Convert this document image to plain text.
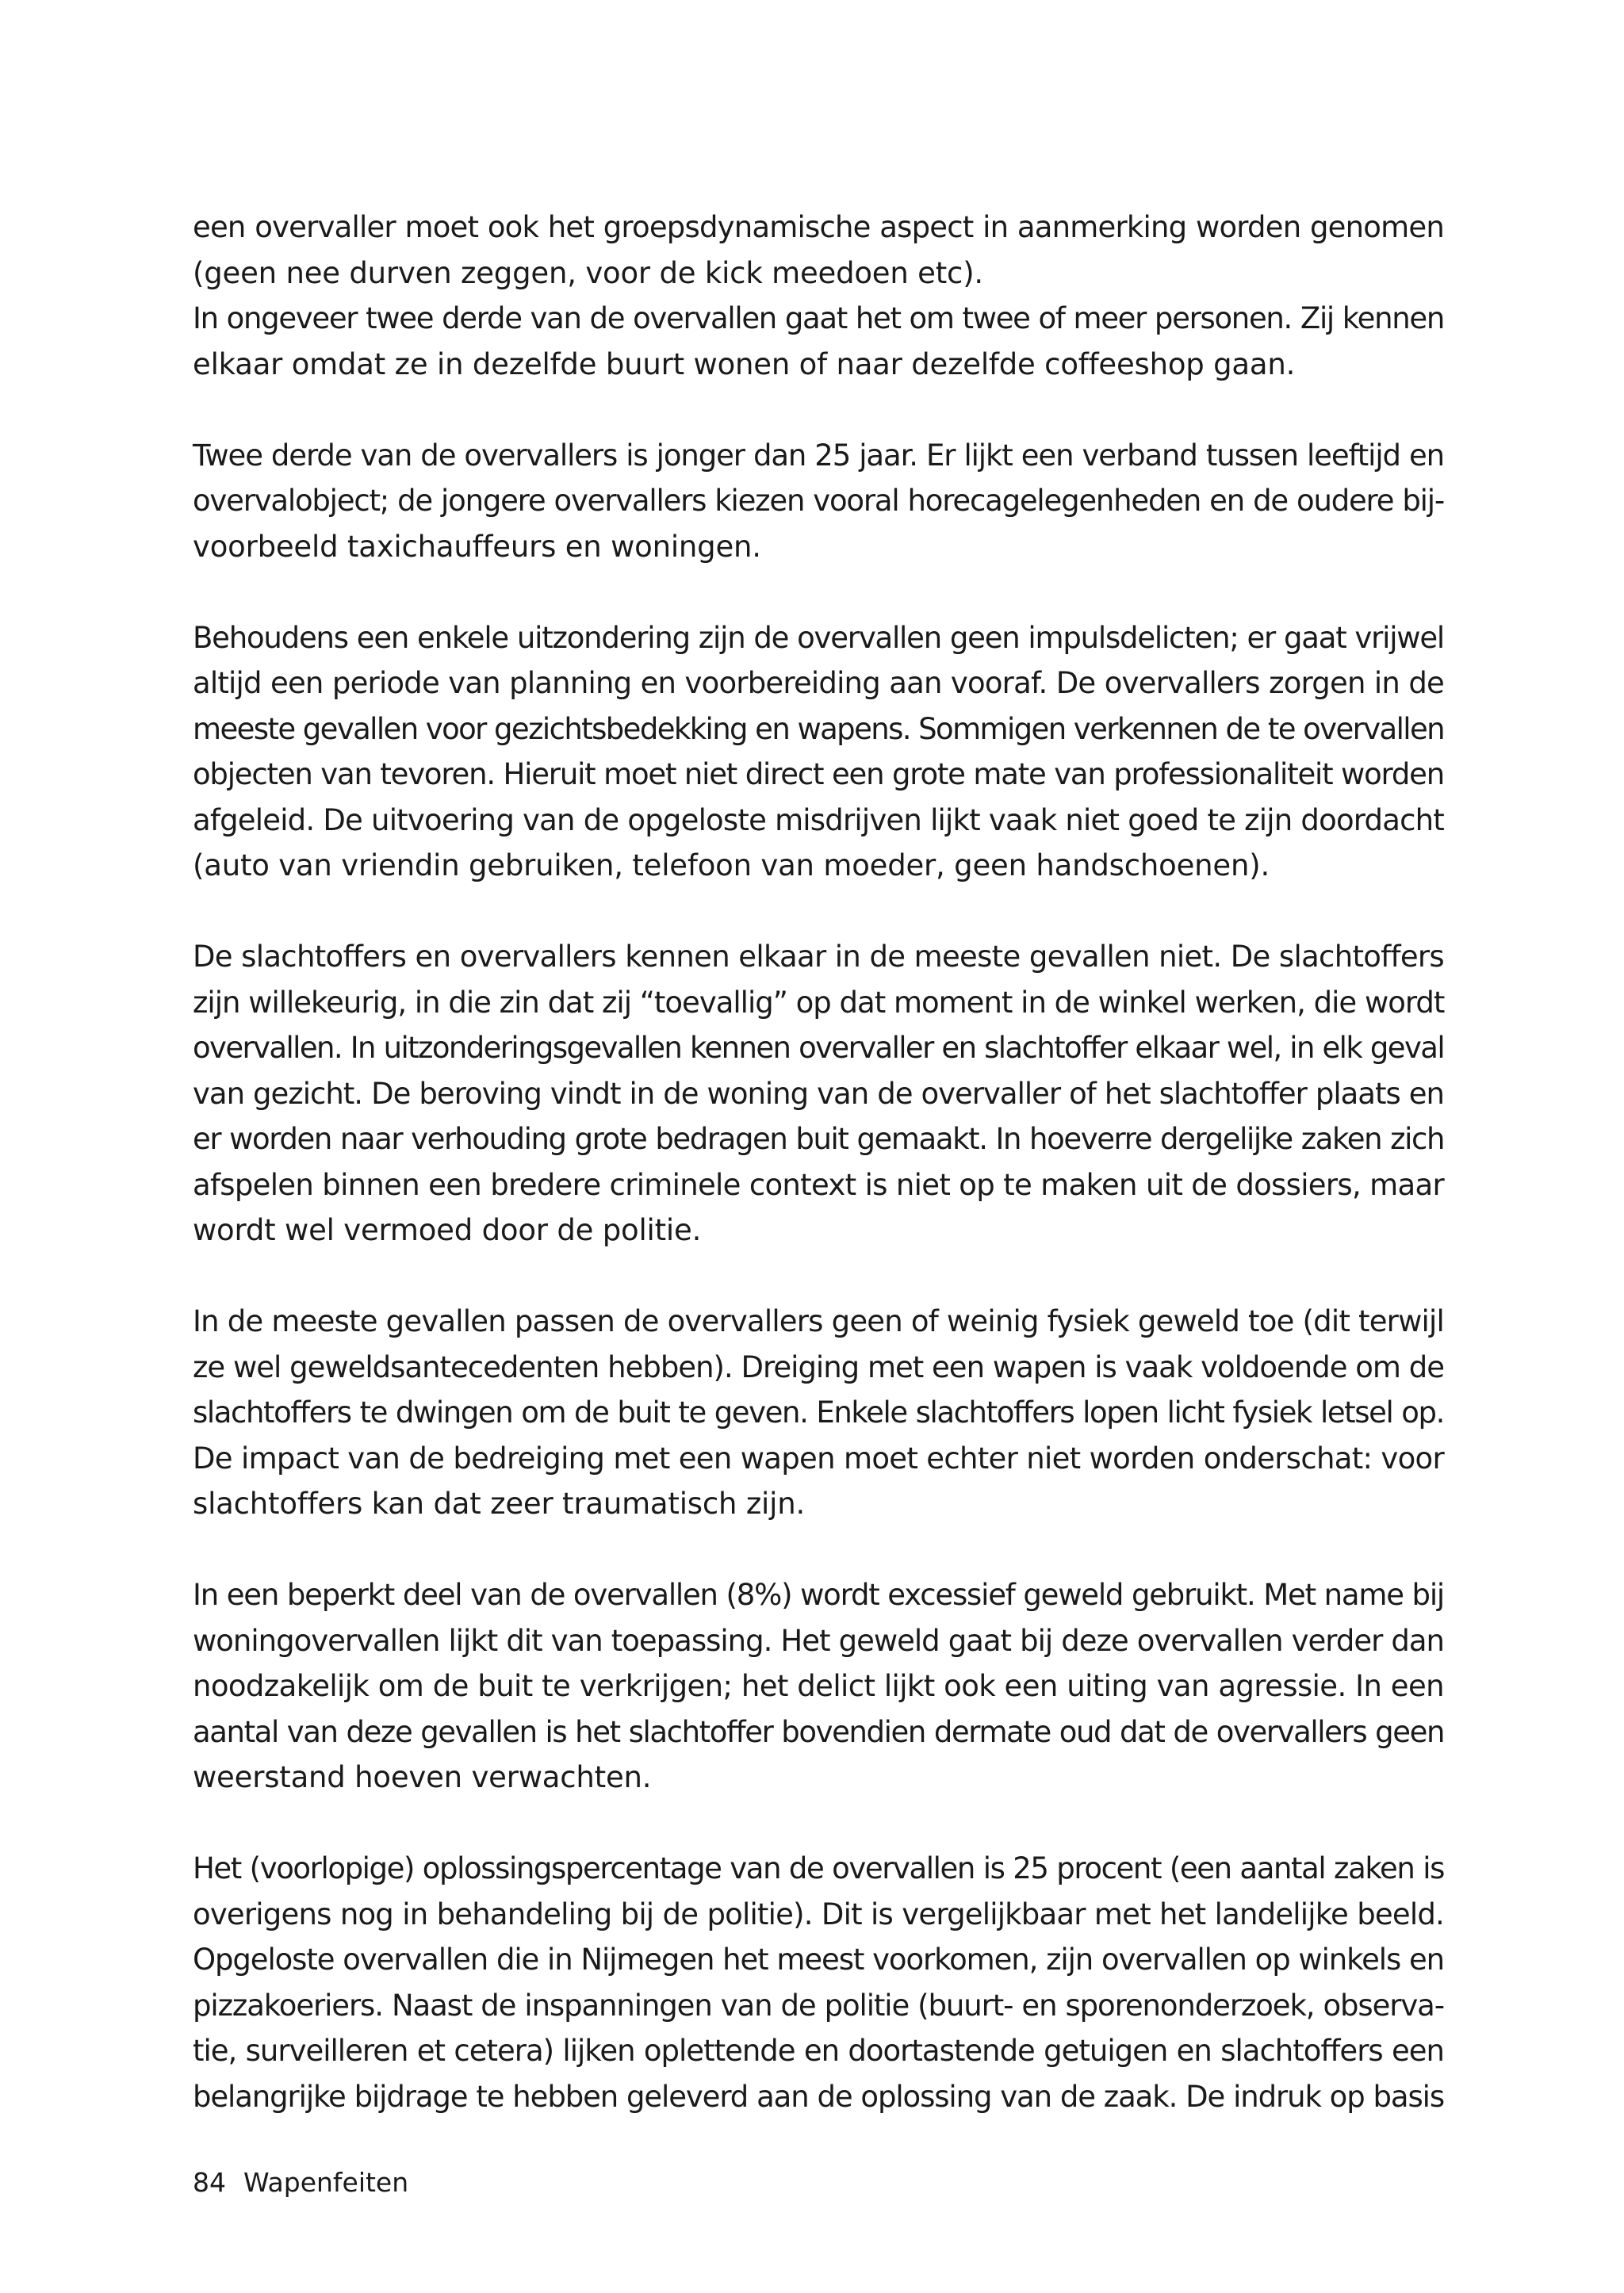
een overvaller moet ook het groepsdynamische aspect in aanmerking worden genomen
(geen nee durven zeggen, voor de kick meedoen etc).
In ongeveer twee derde van de overvallen gaat het om twee of meer personen. Zij kennen
elkaar omdat ze in dezelfde buurt wonen of naar dezelfde coffeeshop gaan.
Twee derde van de overvallers is jonger dan 25 jaar. Er lijkt een verband tussen leeftijd en
overvalobject; de jongere overvallers kiezen vooral horecagelegenheden en de oudere bij-
voorbeeld taxichauffeurs en woningen.
Behoudens een enkele uitzondering zijn de overvallen geen impulsdelicten; er gaat vrijwel
altijd een periode van planning en voorbereiding aan vooraf. De overvallers zorgen in de
meeste gevallen voor gezichtsbedekking en wapens. Sommigen verkennen de te overvallen
objecten van tevoren. Hieruit moet niet direct een grote mate van professionaliteit worden
afgeleid. De uitvoering van de opgeloste misdrijven lijkt vaak niet goed te zijn doordacht
(auto van vriendin gebruiken, telefoon van moeder, geen handschoenen).
De slachtoffers en overvallers kennen elkaar in de meeste gevallen niet. De slachtoffers
zijn willekeurig, in die zin dat zij “toevallig” op dat moment in de winkel werken, die wordt
overvallen. In uitzonderingsgevallen kennen overvaller en slachtoffer elkaar wel, in elk geval
van gezicht. De beroving vindt in de woning van de overvaller of het slachtoffer plaats en
er worden naar verhouding grote bedragen buit gemaakt. In hoeverre dergelijke zaken zich
afspelen binnen een bredere criminele context is niet op te maken uit de dossiers, maar
wordt wel vermoed door de politie.
In de meeste gevallen passen de overvallers geen of weinig fysiek geweld toe (dit terwijl
ze wel geweldsantecedenten hebben). Dreiging met een wapen is vaak voldoende om de
slachtoffers te dwingen om de buit te geven. Enkele slachtoffers lopen licht fysiek letsel op.
De impact van de bedreiging met een wapen moet echter niet worden onderschat: voor
slachtoffers kan dat zeer traumatisch zijn.
In een beperkt deel van de overvallen (8%) wordt excessief geweld gebruikt. Met name bij
woningovervallen lijkt dit van toepassing. Het geweld gaat bij deze overvallen verder dan
noodzakelijk om de buit te verkrijgen; het delict lijkt ook een uiting van agressie. In een
aantal van deze gevallen is het slachtoffer bovendien dermate oud dat de overvallers geen
weerstand hoeven verwachten.
Het (voorlopige) oplossingspercentage van de overvallen is 25 procent (een aantal zaken is
overigens nog in behandeling bij de politie). Dit is vergelijkbaar met het landelijke beeld.
Opgeloste overvallen die in Nijmegen het meest voorkomen, zijn overvallen op winkels en
pizzakoeriers. Naast de inspanningen van de politie (buurt- en sporenonderzoek, observa-
tie, surveilleren et cetera) lijken oplettende en doortastende getuigen en slachtoffers een
belangrijke bijdrage te hebben geleverd aan de oplossing van de zaak. De indruk op basis
84 Wapenfeiten
